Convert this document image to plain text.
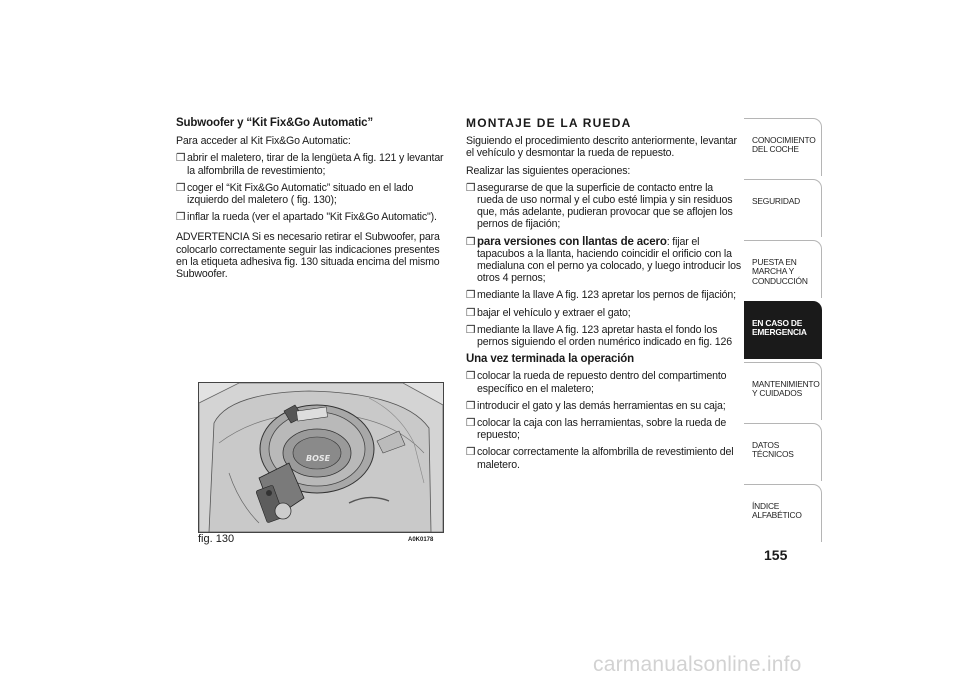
Subwoofer y “Kit Fix&Go Automatic”
Para acceder al Kit Fix&Go Automatic:
❒ abrir el maletero, tirar de la lengüeta A fig. 121 y levantar la alfombrilla de revestimiento;
❒ coger el “Kit Fix&Go Automatic” situado en el lado izquierdo del maletero ( fig. 130);
❒ inflar la rueda (ver el apartado "Kit Fix&Go Automatic").
ADVERTENCIA Si es necesario retirar el Subwoofer, para colocarlo correctamente seguir las indicaciones presentes en la etiqueta adhesiva fig. 130 situada encima del mismo Subwoofer.
BOSE
fig. 130	A0K0178
MONTAJE DE LA RUEDA
Siguiendo el procedimiento descrito anteriormente, levantar el vehículo y desmontar la rueda de repuesto.
Realizar las siguientes operaciones:
❒ asegurarse de que la superficie de contacto entre la rueda de uso normal y el cubo esté limpia y sin residuos que, más adelante, pudieran provocar que se aflojen los pernos de fijación;
❒ para versiones con llantas de acero: fijar el tapacubos a la llanta, haciendo coincidir el orificio con la medialuna con el perno ya colocado, y luego introducir los otros 4 pernos;
❒ mediante la llave A fig. 123 apretar los pernos de fijación;
❒ bajar el vehículo y extraer el gato;
❒ mediante la llave A fig. 123 apretar hasta el fondo los pernos siguiendo el orden numérico indicado en fig. 126
Una vez terminada la operación
❒ colocar la rueda de repuesto dentro del compartimento específico en el maletero;
❒ introducir el gato y las demás herramientas en su caja;
❒ colocar la caja con las herramientas, sobre la rueda de repuesto;
❒ colocar correctamente la alfombrilla de revestimiento del maletero.
CONOCIMIENTO DEL COCHE
SEGURIDAD
PUESTA EN MARCHA Y CONDUCCIÓN
EN CASO DE EMERGENCIA
MANTENIMIENTO Y CUIDADOS
DATOS TÉCNICOS
ÍNDICE ALFABÉTICO
155
carmanualsonline.info
